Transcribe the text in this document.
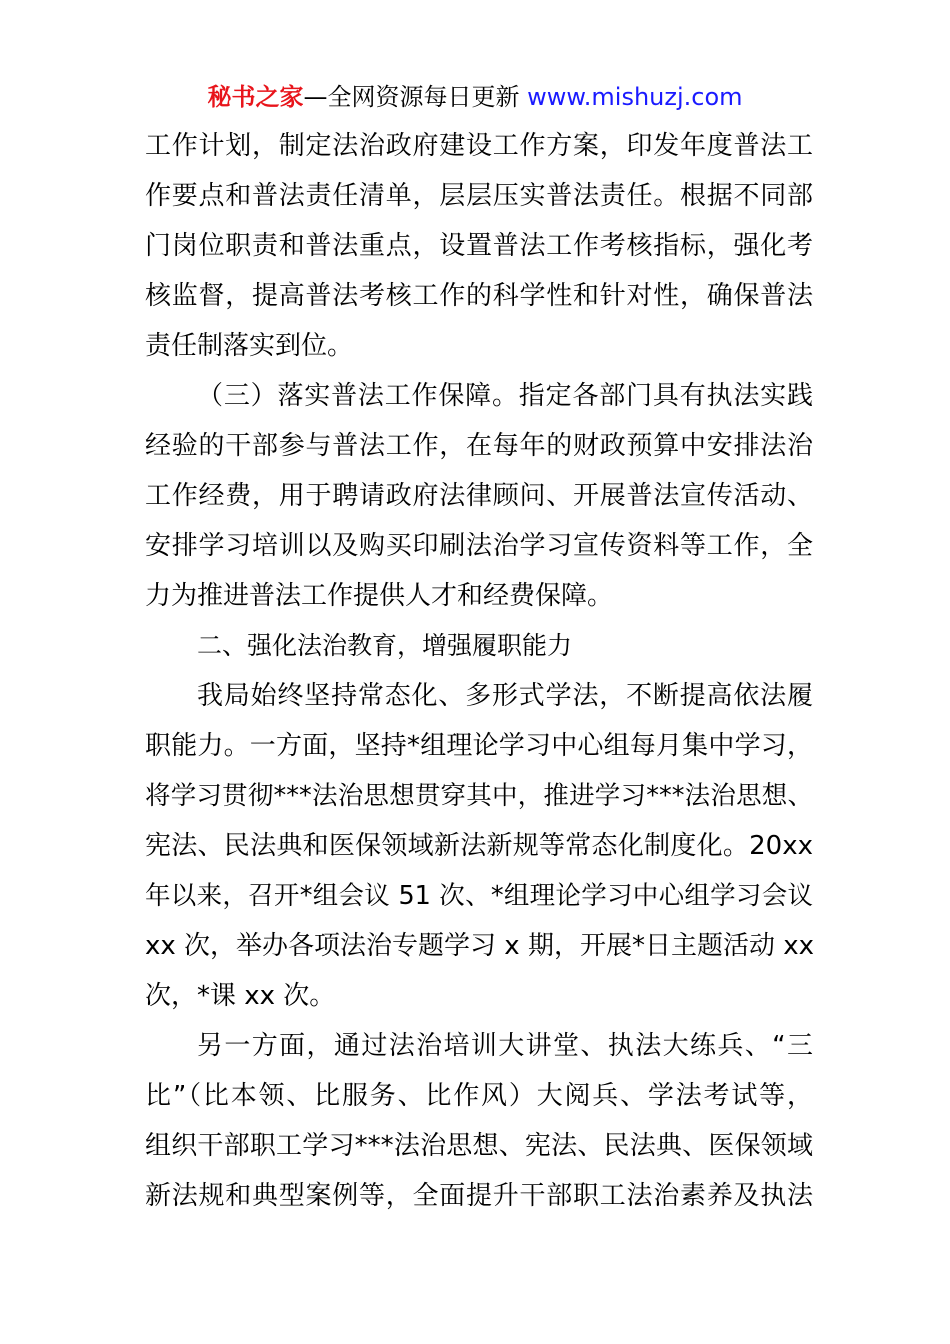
秘书之家—全网资源每日更新 www.mishuzj.com
工作计划，制定法治政府建设工作方案，印发年度普法工
作要点和普法责任清单，层层压实普法责任。根据不同部
门岗位职责和普法重点，设置普法工作考核指标，强化考
核监督，提高普法考核工作的科学性和针对性，确保普法
责任制落实到位。
（三）落实普法工作保障。指定各部门具有执法实践
经验的干部参与普法工作，在每年的财政预算中安排法治
工作经费，用于聘请政府法律顾问、开展普法宣传活动、
安排学习培训以及购买印刷法治学习宣传资料等工作，全
力为推进普法工作提供人才和经费保障。
二、强化法治教育，增强履职能力
我局始终坚持常态化、多形式学法，不断提高依法履
职能力。一方面，坚持*组理论学习中心组每月集中学习，
将学习贯彻***法治思想贯穿其中，推进学习***法治思想、
宪法、民法典和医保领域新法新规等常态化制度化。20xx
年以来，召开*组会议 51 次、*组理论学习中心组学习会议
xx 次，举办各项法治专题学习 x 期，开展*日主题活动 xx
次，*课 xx 次。
另一方面，通过法治培训大讲堂、执法大练兵、“三
比”（比本领、比服务、比作风）大阅兵、学法考试等，
组织干部职工学习***法治思想、宪法、民法典、医保领域
新法规和典型案例等，全面提升干部职工法治素养及执法
